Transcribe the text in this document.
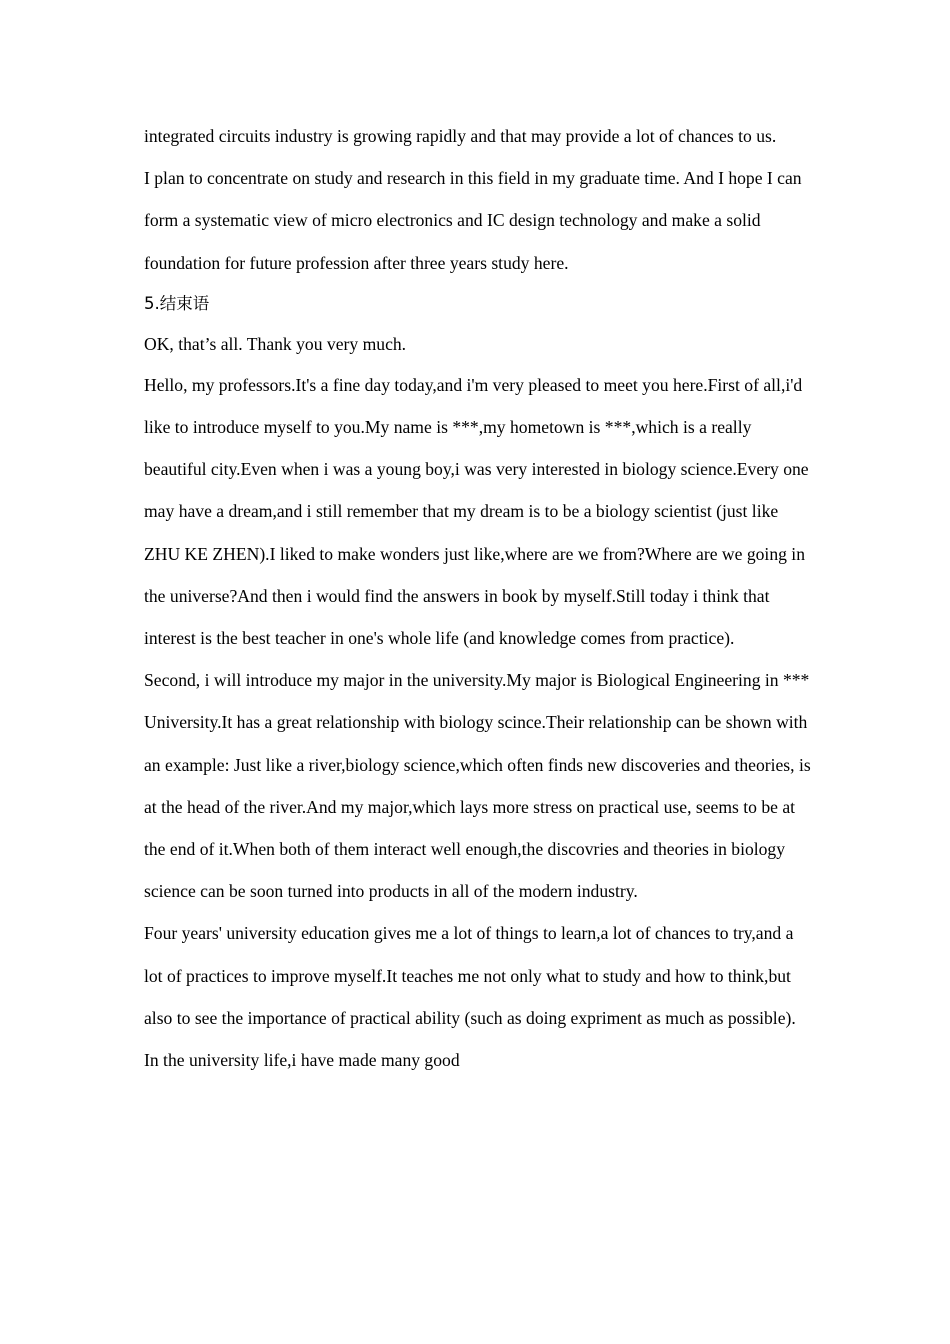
integrated circuits industry is growing rapidly and that may provide a lot of chances to us.

I plan to concentrate on study and research in this field in my graduate time. And I hope I can form a systematic view of micro electronics and IC design technology and make a solid foundation for future profession after three years study here.

5.结束语

OK, that’s all. Thank you very much.

Hello, my professors.It's a fine day today,and i'm very pleased to meet you here.First of all,i'd like to introduce myself to you.My name is ***,my hometown is ***,which is a really beautiful city.Even when i was a young boy,i was very interested in biology science.Every one may have a dream,and i still remember that my dream is to be a biology scientist (just like ZHU KE ZHEN).I liked to make wonders just like,where are we from?Where are we going in the universe?And then i would find the answers in book by myself.Still today i think that interest is the best teacher in one's whole life (and knowledge comes from practice).

Second, i will introduce my major in the university.My major is Biological Engineering in *** University.It has a great relationship with biology scince.Their relationship can be shown with an example: Just like a river,biology science,which often finds new discoveries and theories, is at the head of the river.And my major,which lays more stress on practical use, seems to be at the end of it.When both of them interact well enough,the discovries and theories in biology science can be soon turned into products in all of the modern industry.

Four years' university education gives me a lot of things to learn,a lot of chances to try,and a lot of practices to improve myself.It teaches me not only what to study and how to think,but also to see the importance of practical ability (such as doing expriment as much as possible). In the university life,i have made many good
